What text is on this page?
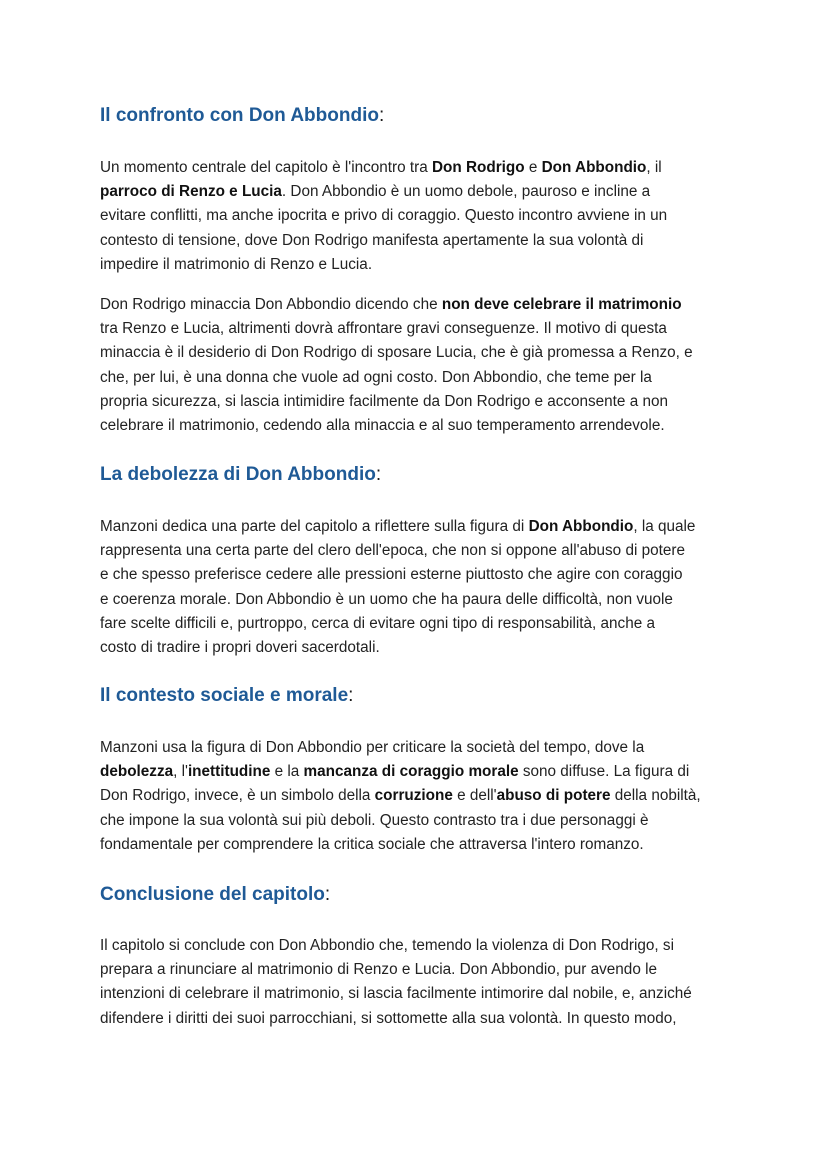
Il confronto con Don Abbondio:
Un momento centrale del capitolo è l'incontro tra Don Rodrigo e Don Abbondio, il
parroco di Renzo e Lucia. Don Abbondio è un uomo debole, pauroso e incline a
evitare conflitti, ma anche ipocrita e privo di coraggio. Questo incontro avviene in un
contesto di tensione, dove Don Rodrigo manifesta apertamente la sua volontà di
impedire il matrimonio di Renzo e Lucia.
Don Rodrigo minaccia Don Abbondio dicendo che non deve celebrare il matrimonio
tra Renzo e Lucia, altrimenti dovrà affrontare gravi conseguenze. Il motivo di questa
minaccia è il desiderio di Don Rodrigo di sposare Lucia, che è già promessa a Renzo, e
che, per lui, è una donna che vuole ad ogni costo. Don Abbondio, che teme per la
propria sicurezza, si lascia intimidire facilmente da Don Rodrigo e acconsente a non
celebrare il matrimonio, cedendo alla minaccia e al suo temperamento arrendevole.
La debolezza di Don Abbondio:
Manzoni dedica una parte del capitolo a riflettere sulla figura di Don Abbondio, la quale
rappresenta una certa parte del clero dell'epoca, che non si oppone all'abuso di potere
e che spesso preferisce cedere alle pressioni esterne piuttosto che agire con coraggio
e coerenza morale. Don Abbondio è un uomo che ha paura delle difficoltà, non vuole
fare scelte difficili e, purtroppo, cerca di evitare ogni tipo di responsabilità, anche a
costo di tradire i propri doveri sacerdotali.
Il contesto sociale e morale:
Manzoni usa la figura di Don Abbondio per criticare la società del tempo, dove la
debolezza, l'inettitudine e la mancanza di coraggio morale sono diffuse. La figura di
Don Rodrigo, invece, è un simbolo della corruzione e dell'abuso di potere della nobiltà,
che impone la sua volontà sui più deboli. Questo contrasto tra i due personaggi è
fondamentale per comprendere la critica sociale che attraversa l'intero romanzo.
Conclusione del capitolo:
Il capitolo si conclude con Don Abbondio che, temendo la violenza di Don Rodrigo, si
prepara a rinunciare al matrimonio di Renzo e Lucia. Don Abbondio, pur avendo le
intenzioni di celebrare il matrimonio, si lascia facilmente intimorire dal nobile, e, anziché
difendere i diritti dei suoi parrocchiani, si sottomette alla sua volontà. In questo modo,
